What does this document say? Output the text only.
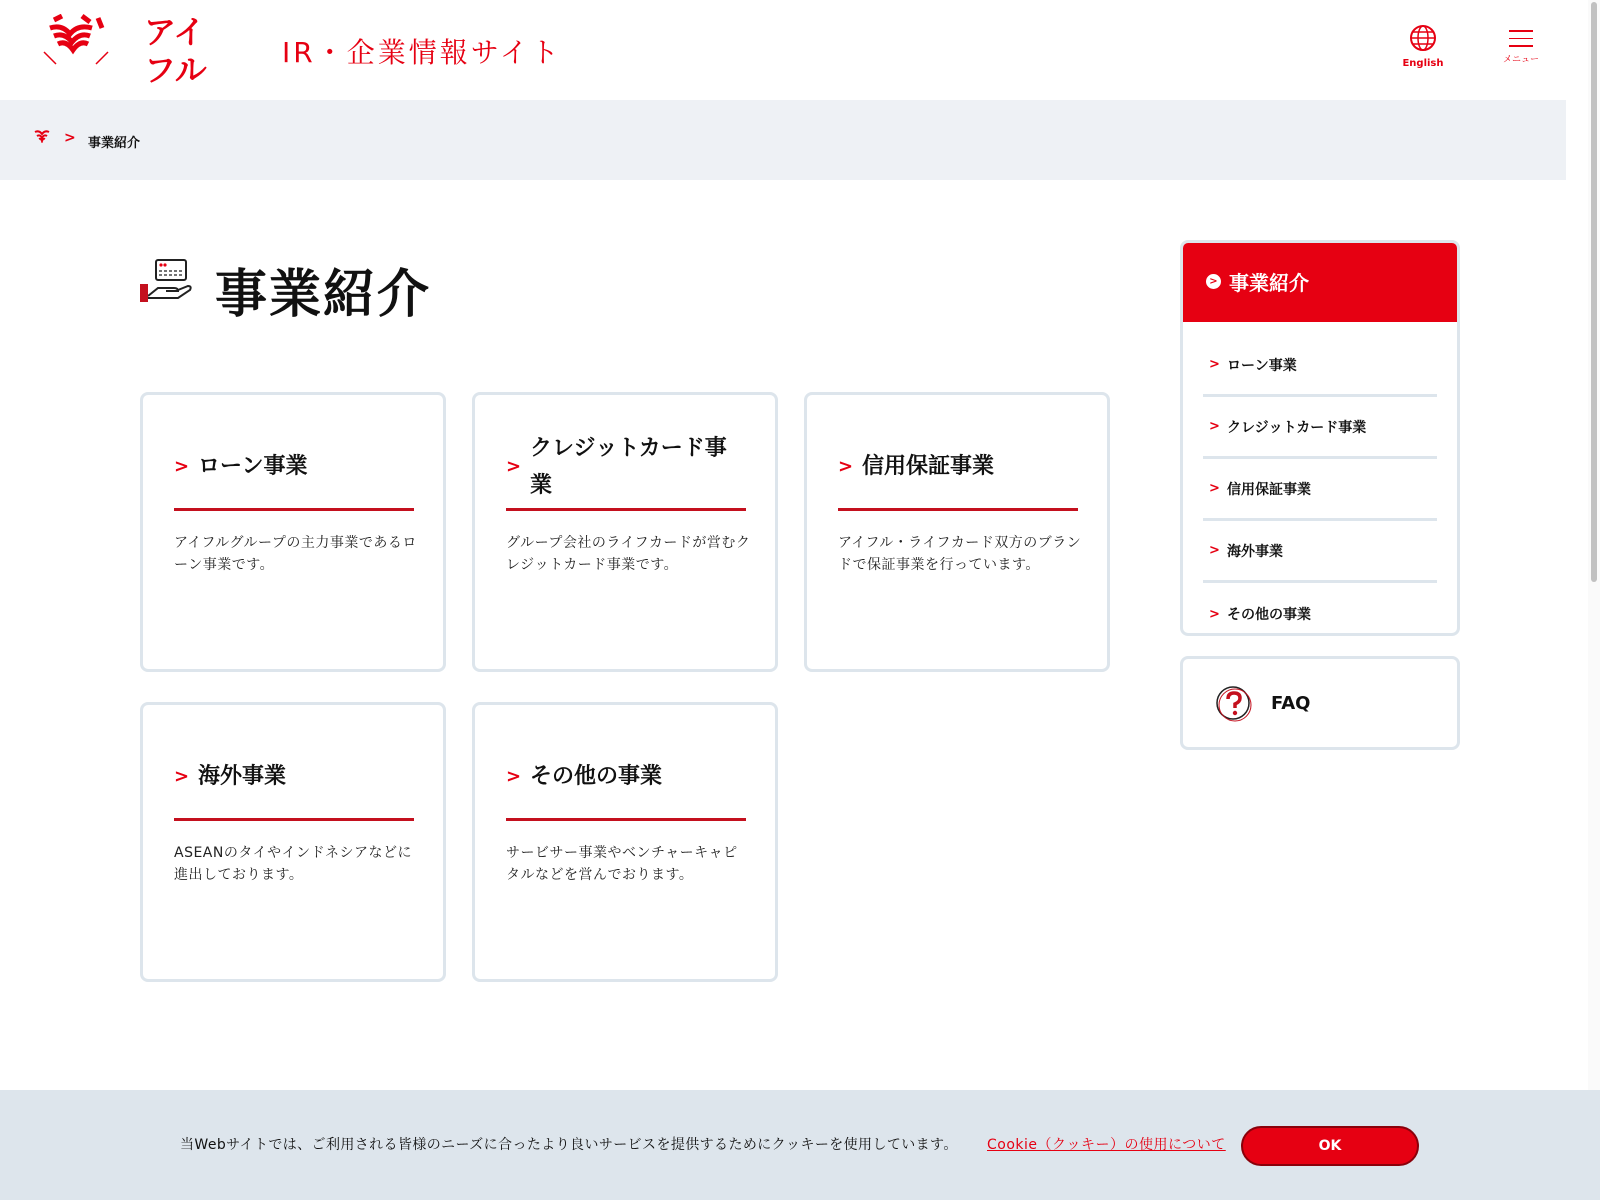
アイ
フル	IR・企業情報サイト	English	メニュー
> 事業紹介
事業紹介
> ローン事業

アイフルグループの主力事業であるローン事業です。

>
クレジットカード事業

グループ会社のライフカードが営むクレジットカード事業です。

> 信用保証事業

アイフル・ライフカード双方のブランドで保証事業を行っています。

> 海外事業

ASEANのタイやインドネシアなどに進出しております。

> その他の事業

サービサー事業やベンチャーキャピタルなどを営んでおります。

> 事業紹介
> ローン事業
> クレジットカード事業
> 信用保証事業
> 海外事業
> その他の事業
FAQ
当Webサイトでは、ご利用される皆様のニーズに合ったより良いサービスを提供するためにクッキーを使用しています。 Cookie（クッキー）の使用について	OK
